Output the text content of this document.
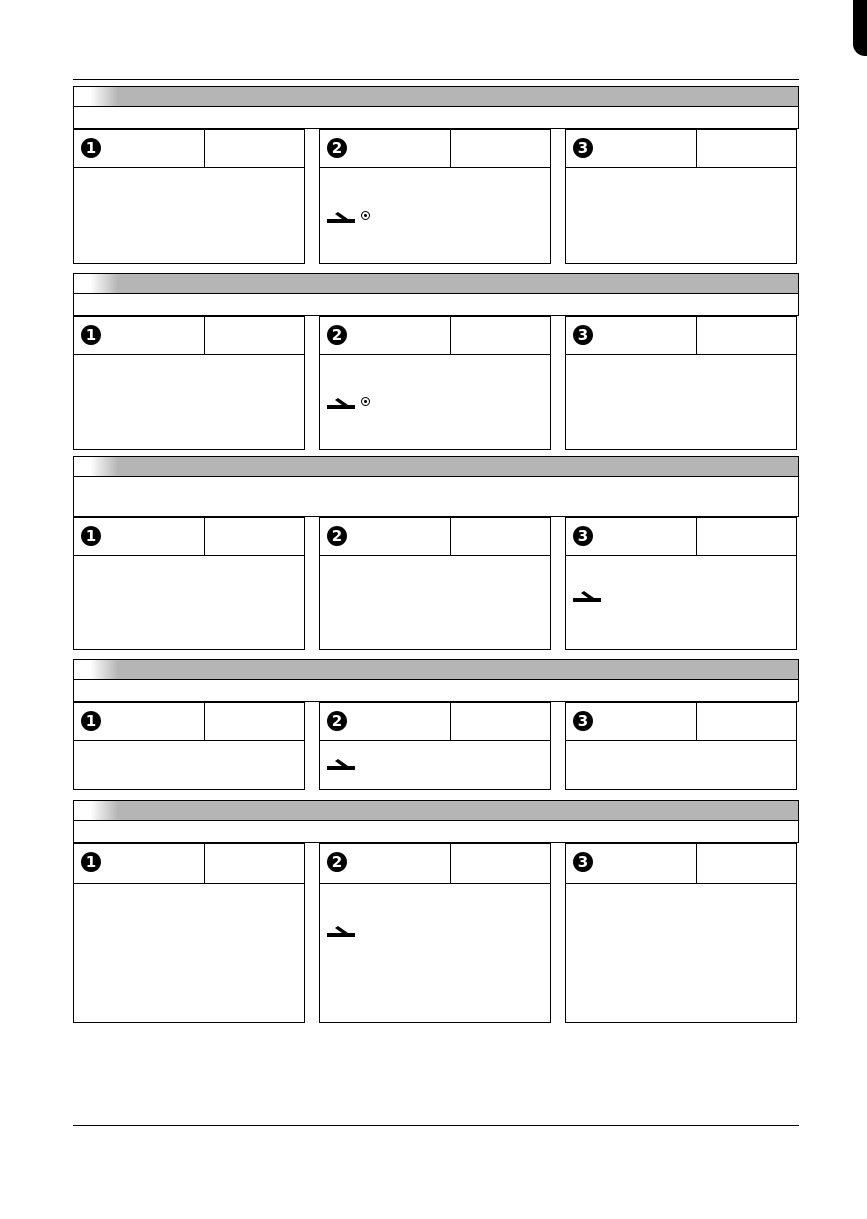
1	2	3
1	2	3
1	2	3
1	2	3
1	2	3
